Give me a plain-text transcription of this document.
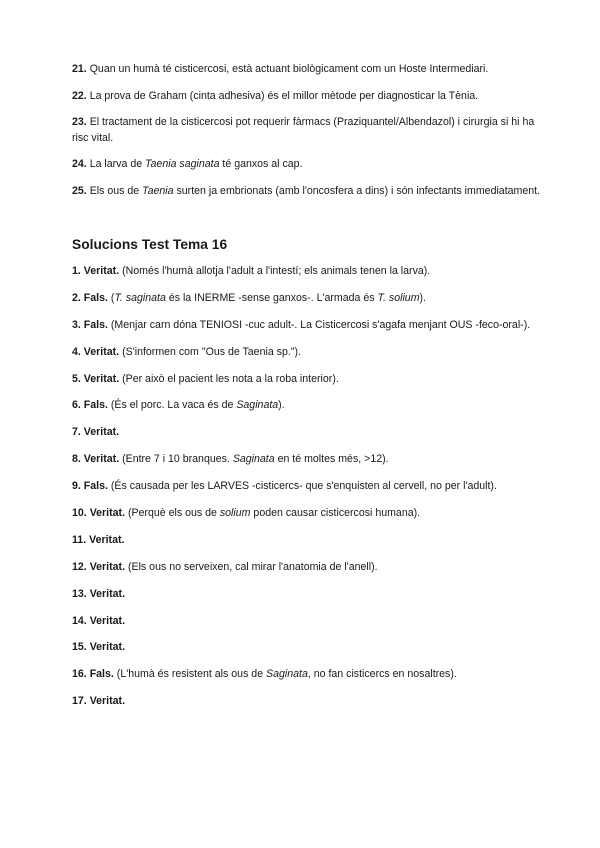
21. Quan un humà té cisticercosi, està actuant biològicament com un Hoste Intermediari.

22. La prova de Graham (cinta adhesiva) és el millor mètode per diagnosticar la Tènia.

23. El tractament de la cisticercosi pot requerir fàrmacs (Praziquantel/Albendazol) i cirurgia si hi ha risc vital.

24. La larva de Taenia saginata té ganxos al cap.

25. Els ous de Taenia surten ja embrionats (amb l'oncosfera a dins) i són infectants immediatament.

Solucions Test Tema 16

1. Veritat. (Només l'humà allotja l'adult a l'intestí; els animals tenen la larva).

2. Fals. (T. saginata és la INERME -sense ganxos-. L'armada és T. solium).

3. Fals. (Menjar carn dóna TENIOSI -cuc adult-. La Cisticercosi s'agafa menjant OUS -feco-oral-).

4. Veritat. (S'informen com "Ous de Taenia sp.").

5. Veritat. (Per això el pacient les nota a la roba interior).

6. Fals. (És el porc. La vaca és de Saginata).

7. Veritat.

8. Veritat. (Entre 7 i 10 branques. Saginata en té moltes més, >12).

9. Fals. (És causada per les LARVES -cisticercs- que s'enquisten al cervell, no per l'adult).

10. Veritat. (Perquè els ous de solium poden causar cisticercosi humana).

11. Veritat.

12. Veritat. (Els ous no serveixen, cal mirar l'anatomia de l'anell).

13. Veritat.

14. Veritat.

15. Veritat.

16. Fals. (L'humà és resistent als ous de Saginata, no fan cisticercs en nosaltres).

17. Veritat.
